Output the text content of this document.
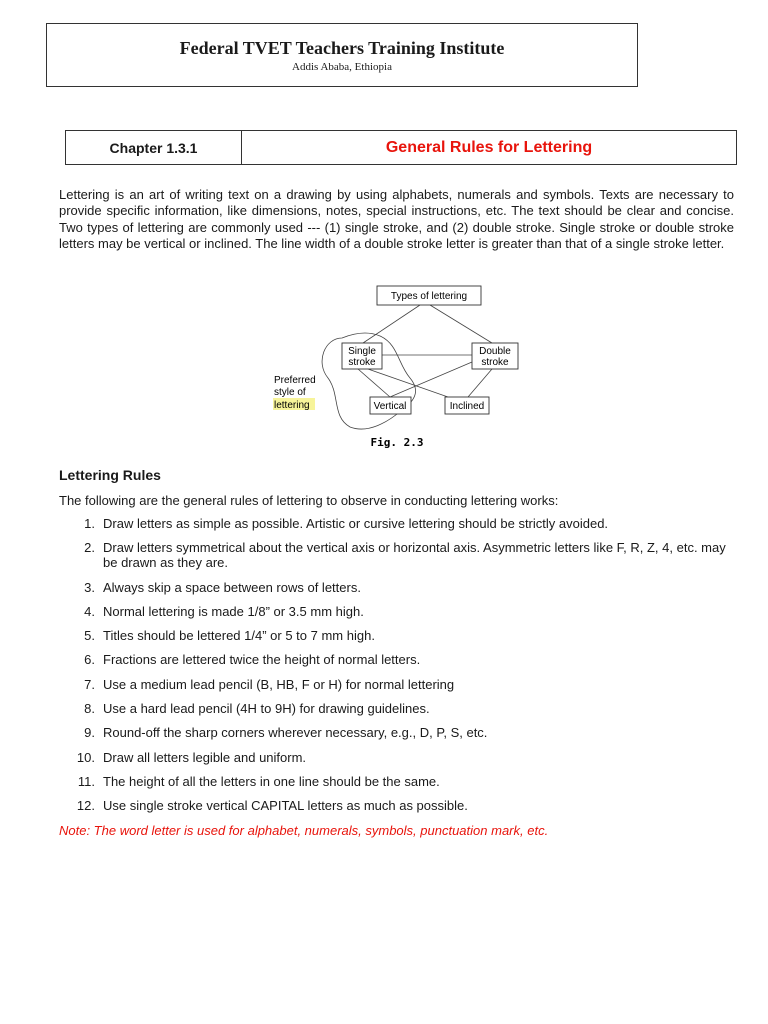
Federal TVET Teachers Training Institute
Addis Ababa, Ethiopia
Chapter 1.3.1	General Rules for Lettering

Lettering is an art of writing text on a drawing by using alphabets, numerals and symbols. Texts are necessary to provide specific information, like dimensions, notes, special instructions, etc. The text should be clear and concise. Two types of lettering are commonly used --- (1) single stroke, and (2) double stroke. Single stroke or double stroke letters may be vertical or inclined. The line width of a double stroke letter is greater than that of a single stroke letter.

Types of lettering
Single
stroke
Double
stroke
Vertical	Inclined
Preferred
style of
lettering
Fig. 2.3
Lettering Rules
The following are the general rules of lettering to observe in conducting lettering works:
1. Draw letters as simple as possible. Artistic or cursive lettering should be strictly avoided.
2. Draw letters symmetrical about the vertical axis or horizontal axis. Asymmetric letters like F, R, Z, 4, etc. may be drawn as they are.
3. Always skip a space between rows of letters.
4. Normal lettering is made 1/8” or 3.5 mm high.
5. Titles should be lettered 1/4” or 5 to 7 mm high.
6. Fractions are lettered twice the height of normal letters.
7. Use a medium lead pencil (B, HB, F or H) for normal lettering
8. Use a hard lead pencil (4H to 9H) for drawing guidelines.
9. Round-off the sharp corners wherever necessary, e.g., D, P, S, etc.
10. Draw all letters legible and uniform.
11. The height of all the letters in one line should be the same.
12. Use single stroke vertical CAPITAL letters as much as possible.
Note: The word letter is used for alphabet, numerals, symbols, punctuation mark, etc.
